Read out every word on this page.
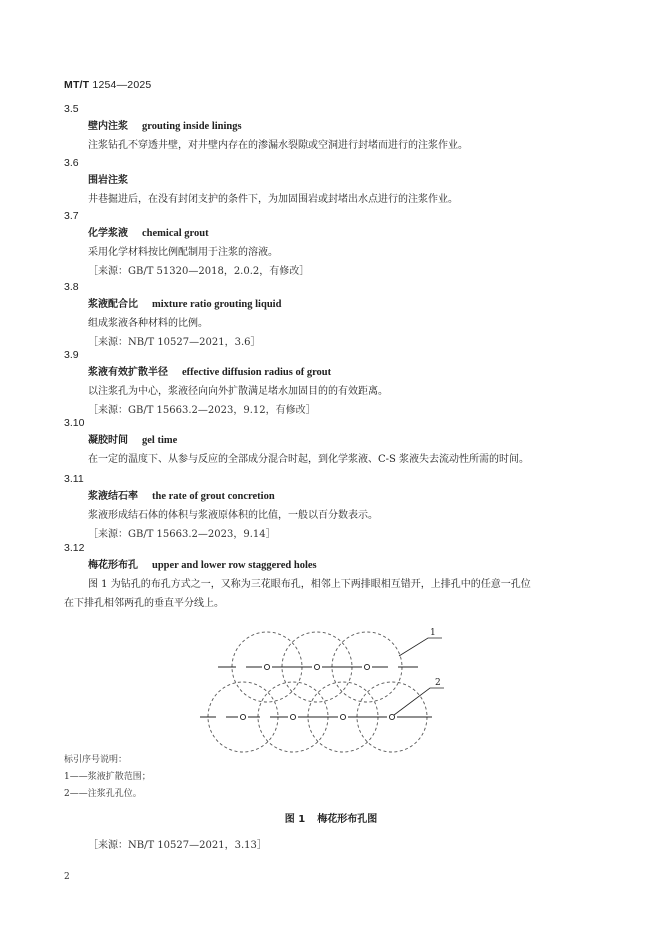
MT/T 1254—2025
3.5
壁内注浆 grouting inside linings
注浆钻孔不穿透井壁，对井壁内存在的渗漏水裂隙或空洞进行封堵而进行的注浆作业。
3.6
围岩注浆
井巷掘进后，在没有封闭支护的条件下，为加固围岩或封堵出水点进行的注浆作业。
3.7
化学浆液 chemical grout
采用化学材料按比例配制用于注浆的溶液。
［来源：GB/T 51320—2018，2.0.2，有修改］
3.8
浆液配合比 mixture ratio grouting liquid
组成浆液各种材料的比例。
［来源：NB/T 10527—2021，3.6］
3.9
浆液有效扩散半径 effective diffusion radius of grout
以注浆孔为中心，浆液径向向外扩散满足堵水加固目的的有效距离。
［来源：GB/T 15663.2—2023，9.12，有修改］
3.10
凝胶时间 gel time
在一定的温度下、从参与反应的全部成分混合时起，到化学浆液、C-S 浆液失去流动性所需的时间。
3.11
浆液结石率 the rate of grout concretion
浆液形成结石体的体积与浆液原体积的比值，一般以百分数表示。
［来源：GB/T 15663.2—2023，9.14］
3.12
梅花形布孔 upper and lower row staggered holes
图 1 为钻孔的布孔方式之一，又称为三花眼布孔，相邻上下两排眼相互错开，上排孔中的任意一孔位
在下排孔相邻两孔的垂直平分线上。
1
2
标引序号说明：
1——浆液扩散范围；
2——注浆孔孔位。
图 1 梅花形布孔图
［来源：NB/T 10527—2021，3.13］
2
